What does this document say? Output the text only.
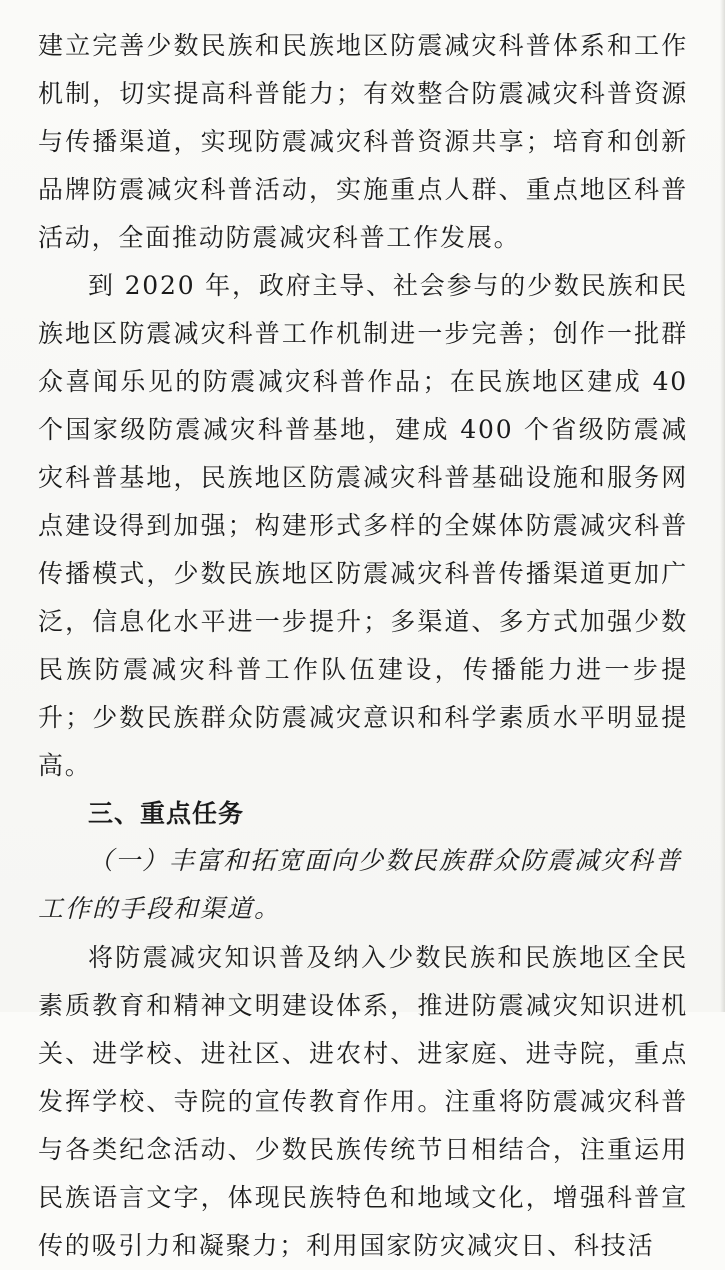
建立完善少数民族和民族地区防震减灾科普体系和工作机制，切实提高科普能力；有效整合防震减灾科普资源与传播渠道，实现防震减灾科普资源共享；培育和创新品牌防震减灾科普活动，实施重点人群、重点地区科普活动，全面推动防震减灾科普工作发展。

到 2020 年，政府主导、社会参与的少数民族和民族地区防震减灾科普工作机制进一步完善；创作一批群众喜闻乐见的防震减灾科普作品；在民族地区建成 40 个国家级防震减灾科普基地，建成 400 个省级防震减灾科普基地，民族地区防震减灾科普基础设施和服务网点建设得到加强；构建形式多样的全媒体防震减灾科普传播模式，少数民族地区防震减灾科普传播渠道更加广泛，信息化水平进一步提升；多渠道、多方式加强少数民族防震减灾科普工作队伍建设，传播能力进一步提升；少数民族群众防震减灾意识和科学素质水平明显提高。

三、重点任务

（一）丰富和拓宽面向少数民族群众防震减灾科普工作的手段和渠道。

将防震减灾知识普及纳入少数民族和民族地区全民素质教育和精神文明建设体系，推进防震减灾知识进机关、进学校、进社区、进农村、进家庭、进寺院，重点发挥学校、寺院的宣传教育作用。注重将防震减灾科普与各类纪念活动、少数民族传统节日相结合，注重运用民族语言文字，体现民族特色和地域文化，增强科普宣传的吸引力和凝聚力；利用国家防灾减灾日、科技活
